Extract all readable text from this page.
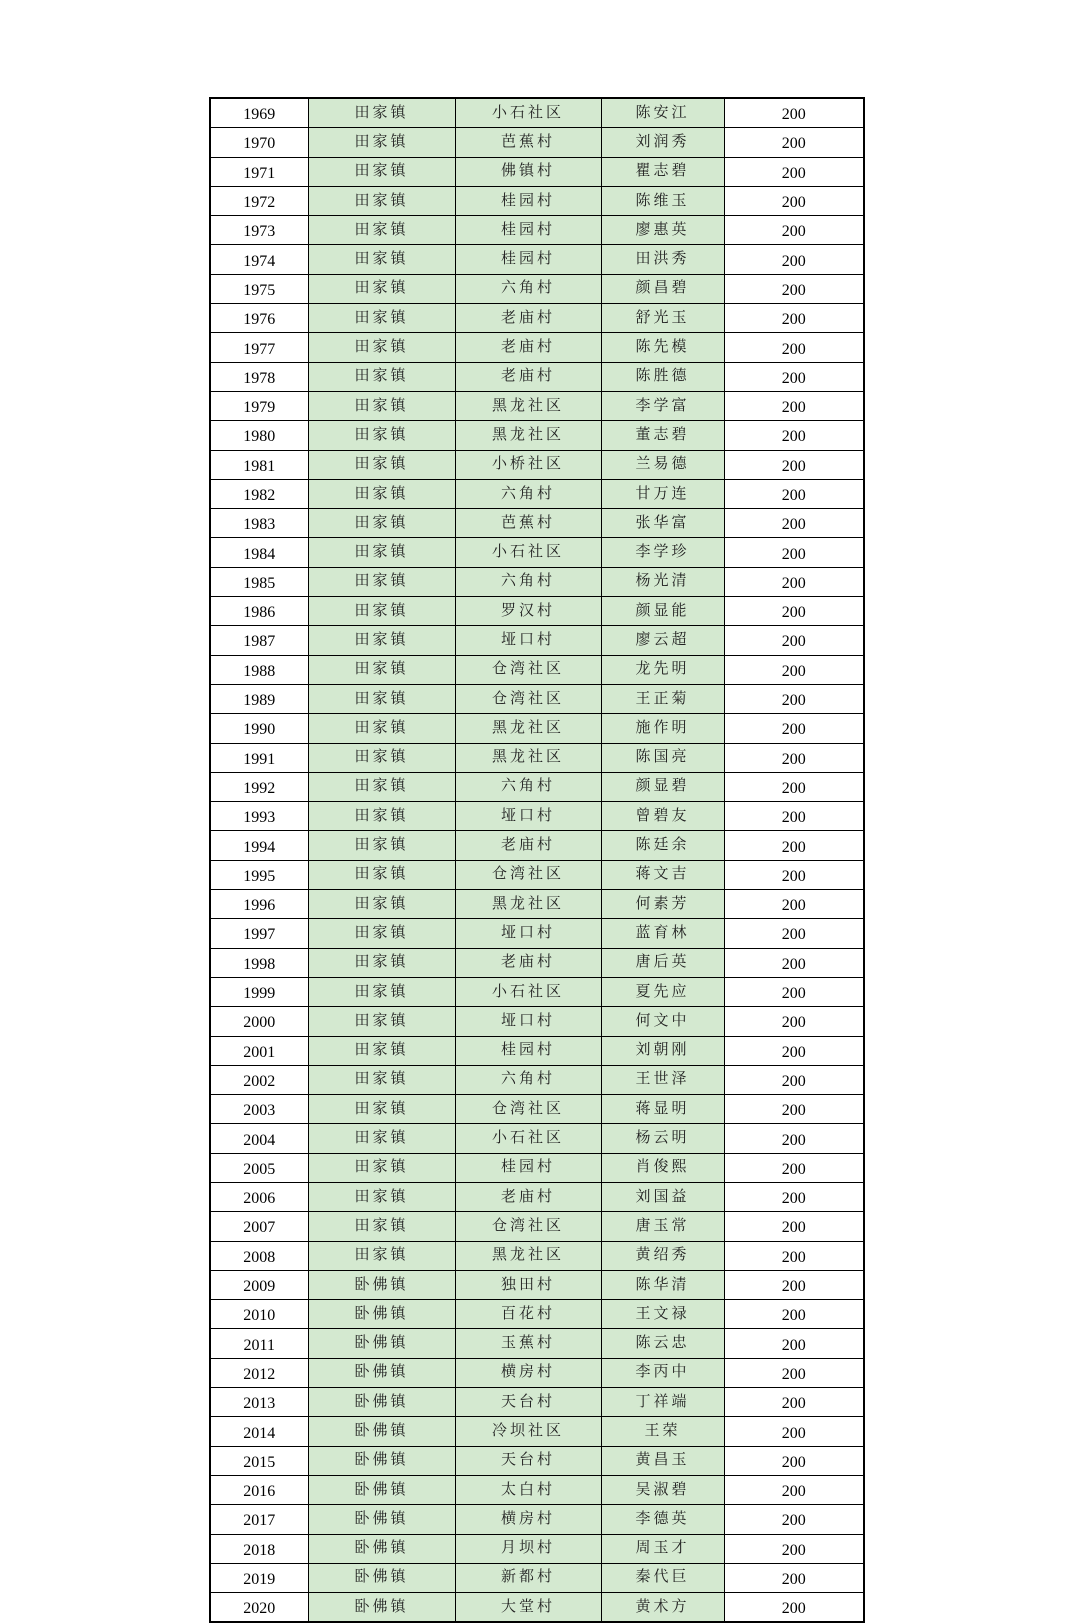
1969	田家镇	小石社区	陈安江	200
1970	田家镇	芭蕉村	刘润秀	200
1971	田家镇	佛镇村	瞿志碧	200
1972	田家镇	桂园村	陈维玉	200
1973	田家镇	桂园村	廖惠英	200
1974	田家镇	桂园村	田洪秀	200
1975	田家镇	六角村	颜昌碧	200
1976	田家镇	老庙村	舒光玉	200
1977	田家镇	老庙村	陈先模	200
1978	田家镇	老庙村	陈胜德	200
1979	田家镇	黑龙社区	李学富	200
1980	田家镇	黑龙社区	董志碧	200
1981	田家镇	小桥社区	兰易德	200
1982	田家镇	六角村	甘万连	200
1983	田家镇	芭蕉村	张华富	200
1984	田家镇	小石社区	李学珍	200
1985	田家镇	六角村	杨光清	200
1986	田家镇	罗汉村	颜显能	200
1987	田家镇	垭口村	廖云超	200
1988	田家镇	仓湾社区	龙先明	200
1989	田家镇	仓湾社区	王正菊	200
1990	田家镇	黑龙社区	施作明	200
1991	田家镇	黑龙社区	陈国亮	200
1992	田家镇	六角村	颜显碧	200
1993	田家镇	垭口村	曾碧友	200
1994	田家镇	老庙村	陈廷余	200
1995	田家镇	仓湾社区	蒋文吉	200
1996	田家镇	黑龙社区	何素芳	200
1997	田家镇	垭口村	蓝育林	200
1998	田家镇	老庙村	唐后英	200
1999	田家镇	小石社区	夏先应	200
2000	田家镇	垭口村	何文中	200
2001	田家镇	桂园村	刘朝刚	200
2002	田家镇	六角村	王世泽	200
2003	田家镇	仓湾社区	蒋显明	200
2004	田家镇	小石社区	杨云明	200
2005	田家镇	桂园村	肖俊熙	200
2006	田家镇	老庙村	刘国益	200
2007	田家镇	仓湾社区	唐玉常	200
2008	田家镇	黑龙社区	黄绍秀	200
2009	卧佛镇	独田村	陈华清	200
2010	卧佛镇	百花村	王文禄	200
2011	卧佛镇	玉蕉村	陈云忠	200
2012	卧佛镇	横房村	李丙中	200
2013	卧佛镇	天台村	丁祥端	200
2014	卧佛镇	冷坝社区	王荣	200
2015	卧佛镇	天台村	黄昌玉	200
2016	卧佛镇	太白村	吴淑碧	200
2017	卧佛镇	横房村	李德英	200
2018	卧佛镇	月坝村	周玉才	200
2019	卧佛镇	新都村	秦代巨	200
2020	卧佛镇	大堂村	黄术方	200
